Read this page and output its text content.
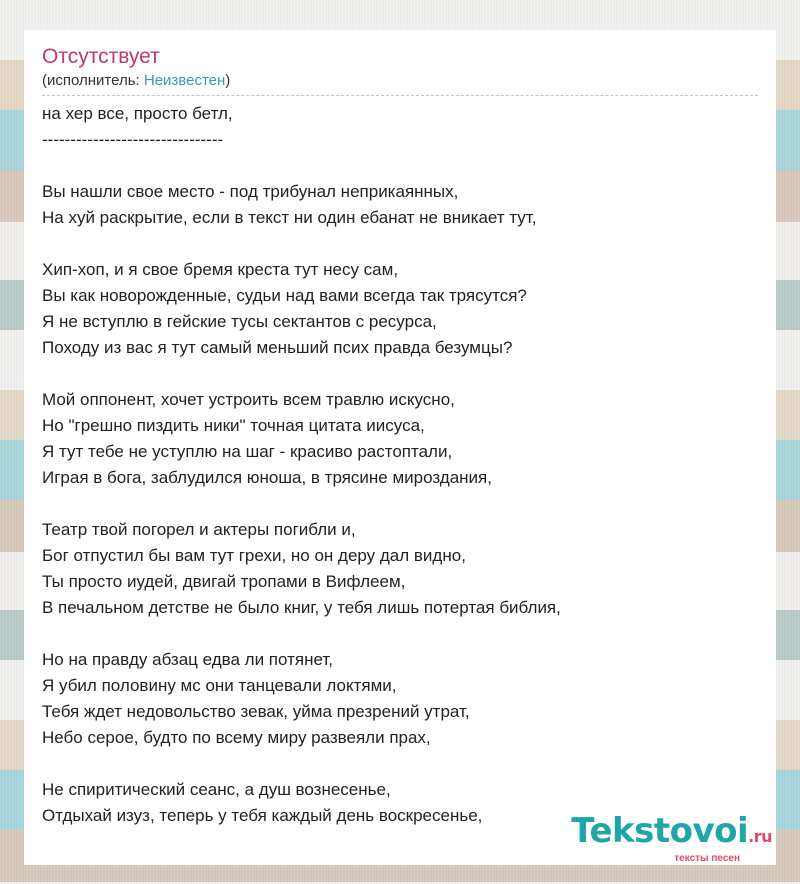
Отсутствует
(исполнитель: Неизвестен)
на хер все, просто бетл,
--------------------------------
Вы нашли свое место - под трибунал неприкаянных,
На хуй раскрытие, если в текст ни один ебанат не вникает тут,
Хип-хоп, и я свое бремя креста тут несу сам,
Вы как новорожденные, судьи над вами всегда так трясутся?
Я не вступлю в гейские тусы сектантов с ресурса,
Походу из вас я тут самый меньший псих правда безумцы?
Мой оппонент, хочет устроить всем травлю искусно,
Но "грешно пиздить ники" точная цитата иисуса,
Я тут тебе не уступлю на шаг - красиво растоптали,
Играя в бога, заблудился юноша, в трясине мироздания,
Театр твой погорел и актеры погибли и,
Бог отпустил бы вам тут грехи, но он деру дал видно,
Ты просто иудей, двигай тропами в Вифлеем,
В печальном детстве не было книг, у тебя лишь потертая библия,
Но на правду абзац едва ли потянет,
Я убил половину мс они танцевали локтями,
Тебя ждет недовольство зевак, уйма презрений утрат,
Небо серое, будто по всему миру развеяли прах,
Не спиритический сеанс, а душ вознесенье,
Отдыхай изуз, теперь у тебя каждый день воскресенье,	Tekstovoi.ru
тексты песен
